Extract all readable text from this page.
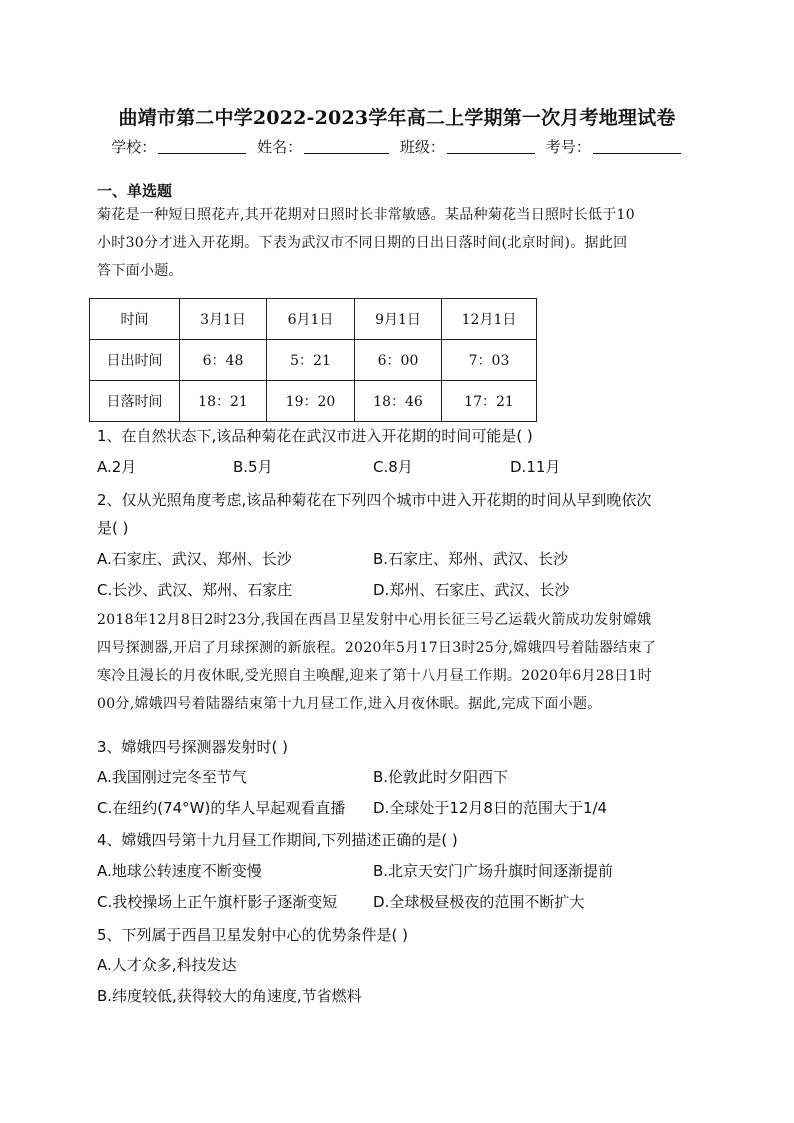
曲靖市第二中学2022-2023学年高二上学期第一次月考地理试卷
学校：	姓名：	班级：	考号：
一、单选题
菊花是一种短日照花卉,其开花期对日照时长非常敏感。某品种菊花当日照时长低于10
小时30分才进入开花期。下表为武汉市不同日期的日出日落时间(北京时间)。据此回
答下面小题。
时间	3月1日	6月1日	9月1日	12月1日
日出时间	6：48	5：21	6：00	7：03
日落时间	18：21	19：20	18：46	17：21
1、在自然状态下,该品种菊花在武汉市进入开花期的时间可能是( )
A.2月	B.5月	C.8月	D.11月
2、仅从光照角度考虑,该品种菊花在下列四个城市中进入开花期的时间从早到晚依次
是( )
A.石家庄、武汉、郑州、长沙	B.石家庄、郑州、武汉、长沙
C.长沙、武汉、郑州、石家庄	D.郑州、石家庄、武汉、长沙
2018年12月8日2时23分,我国在西昌卫星发射中心用长征三号乙运载火箭成功发射嫦娥
四号探测器,开启了月球探测的新旅程。2020年5月17日3时25分,嫦娥四号着陆器结束了
寒冷且漫长的月夜休眠,受光照自主唤醒,迎来了第十八月昼工作期。2020年6月28日1时
00分,嫦娥四号着陆器结束第十九月昼工作,进入月夜休眠。据此,完成下面小题。
3、嫦娥四号探测器发射时( )
A.我国刚过完冬至节气	B.伦敦此时夕阳西下
C.在纽约(74°W)的华人早起观看直播 D.全球处于12月8日的范围大于1/4
4、嫦娥四号第十九月昼工作期间,下列描述正确的是( )
A.地球公转速度不断变慢	B.北京天安门广场升旗时间逐渐提前
C.我校操场上正午旗杆影子逐渐变短 D.全球极昼极夜的范围不断扩大
5、下列属于西昌卫星发射中心的优势条件是( )
A.人才众多,科技发达
B.纬度较低,获得较大的角速度,节省燃料
